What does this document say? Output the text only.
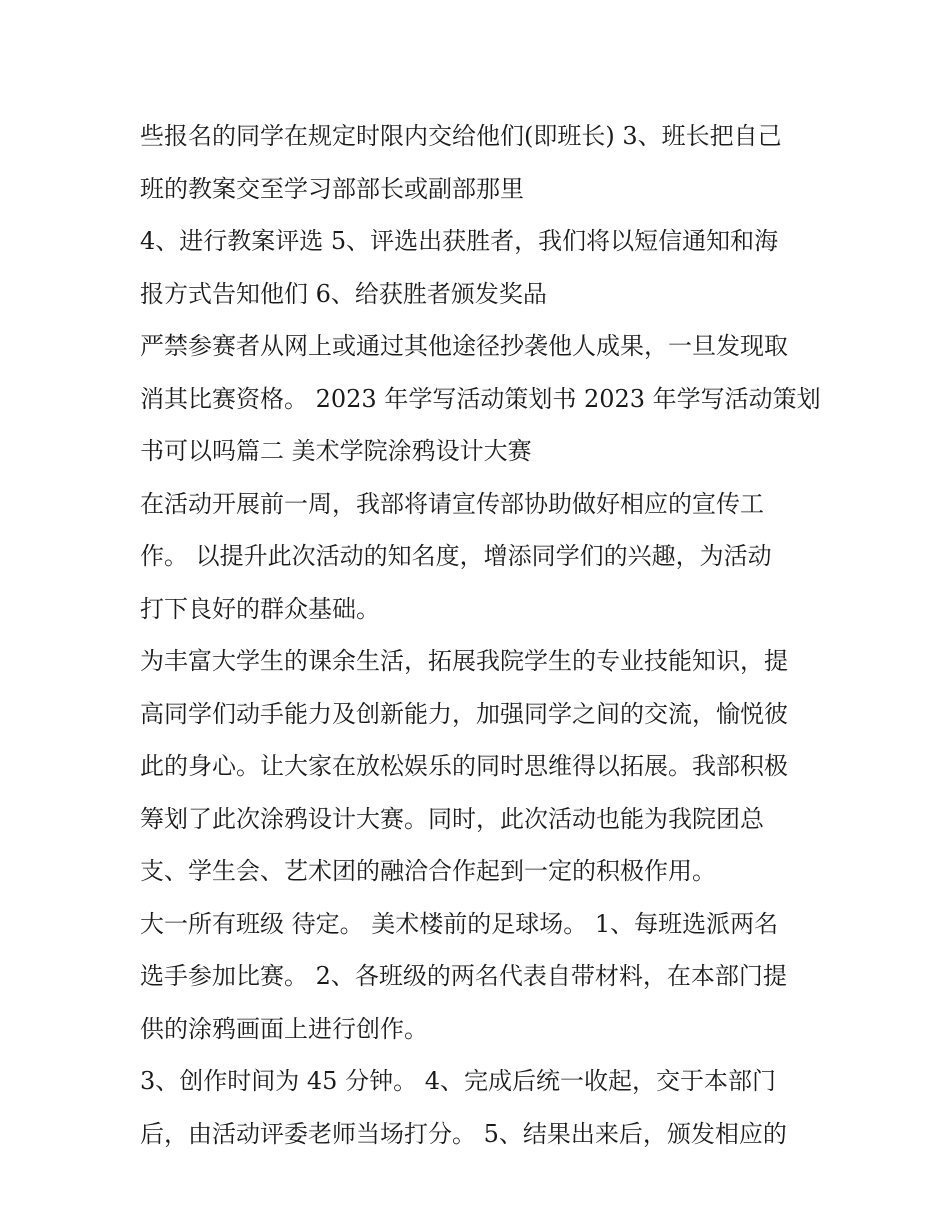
些报名的同学在规定时限内交给他们(即班长) 3、班长把自己
班的教案交至学习部部长或副部那里
4、进行教案评选 5、评选出获胜者，我们将以短信通知和海
报方式告知他们 6、给获胜者颁发奖品
严禁参赛者从网上或通过其他途径抄袭他人成果，一旦发现取
消其比赛资格。 2023 年学写活动策划书 2023 年学写活动策划
书可以吗篇二 美术学院涂鸦设计大赛
在活动开展前一周，我部将请宣传部协助做好相应的宣传工
作。 以提升此次活动的知名度，增添同学们的兴趣，为活动
打下良好的群众基础。
为丰富大学生的课余生活，拓展我院学生的专业技能知识，提
高同学们动手能力及创新能力，加强同学之间的交流，愉悦彼
此的身心。让大家在放松娱乐的同时思维得以拓展。我部积极
筹划了此次涂鸦设计大赛。同时，此次活动也能为我院团总
支、学生会、艺术团的融洽合作起到一定的积极作用。
大一所有班级 待定。 美术楼前的足球场。 1、每班选派两名
选手参加比赛。 2、各班级的两名代表自带材料，在本部门提
供的涂鸦画面上进行创作。
3、创作时间为 45 分钟。 4、完成后统一收起，交于本部门
后，由活动评委老师当场打分。 5、结果出来后，颁发相应的
